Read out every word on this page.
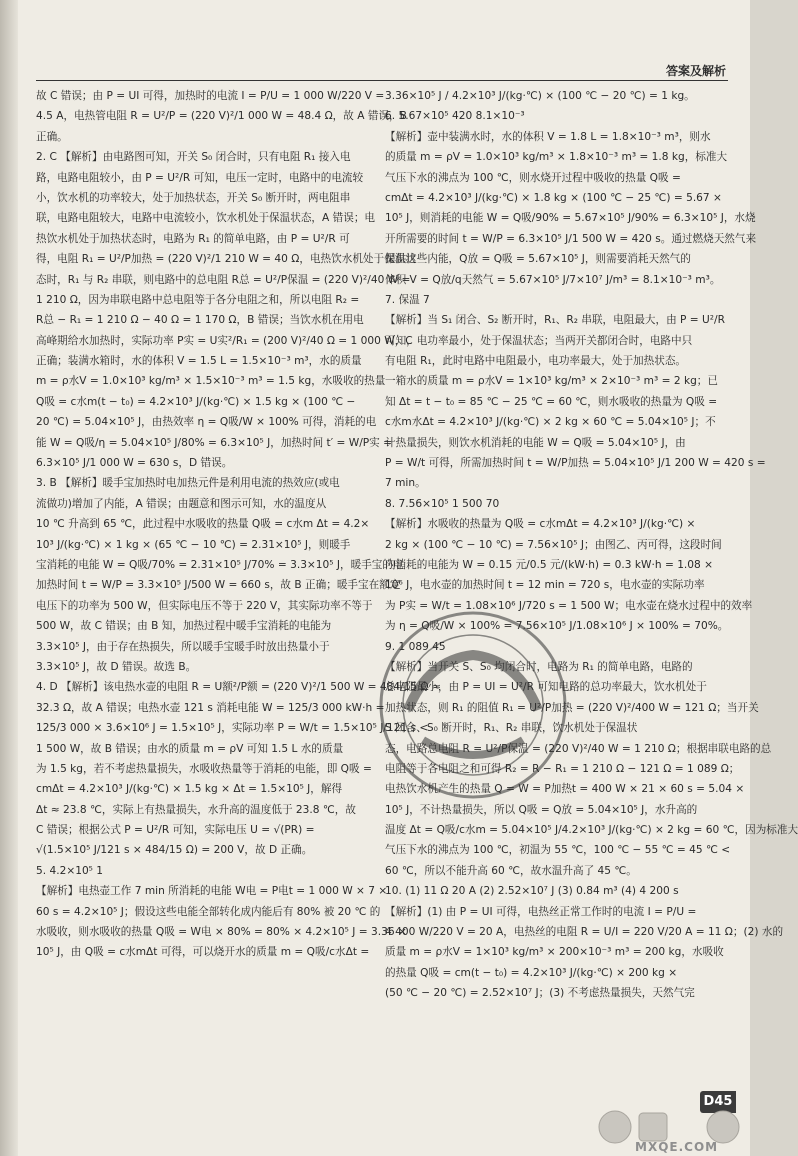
答案及解析
故 C 错误；由 P = UI 可得，加热时的电流 I = P/U = 1 000 W/220 V =
4.5 A，电热管电阻 R = U²/P = (220 V)²/1 000 W = 48.4 Ω，故 A 错误，B
正确。
2. C 【解析】由电路图可知，开关 S₀ 闭合时，只有电阻 R₁ 接入电
路，电路电阻较小，由 P = U²/R 可知，电压一定时，电路中的电流较
小，饮水机的功率较大，处于加热状态，开关 S₀ 断开时，两电阻串
联，电路电阻较大，电路中电流较小，饮水机处于保温状态，A 错误；电
热饮水机处于加热状态时，电路为 R₁ 的简单电路，由 P = U²/R 可
得，电阻 R₁ = U²/P加热 = (220 V)²/1 210 W = 40 Ω，电热饮水机处于保温状
态时，R₁ 与 R₂ 串联，则电路中的总电阻 R总 = U²/P保温 = (220 V)²/40 W =
1 210 Ω，因为串联电路中总电阻等于各分电阻之和，所以电阻 R₂ =
R总 − R₁ = 1 210 Ω − 40 Ω = 1 170 Ω，B 错误；当饮水机在用电
高峰期给水加热时，实际功率 P实 = U实²/R₁ = (200 V)²/40 Ω = 1 000 W，C
正确；装满水箱时，水的体积 V = 1.5 L = 1.5×10⁻³ m³，水的质量
m = ρ水V = 1.0×10³ kg/m³ × 1.5×10⁻³ m³ = 1.5 kg，水吸收的热量
Q吸 = c水m(t − t₀) = 4.2×10³ J/(kg·℃) × 1.5 kg × (100 ℃ −
20 ℃) = 5.04×10⁵ J，由热效率 η = Q吸/W × 100% 可得，消耗的电
能 W = Q吸/η = 5.04×10⁵ J/80% = 6.3×10⁵ J，加热时间 t′ = W/P实 =
6.3×10⁵ J/1 000 W = 630 s，D 错误。
3. B 【解析】暖手宝加热时电加热元件是利用电流的热效应(或电
流做功)增加了内能，A 错误；由题意和图示可知，水的温度从
10 ℃ 升高到 65 ℃，此过程中水吸收的热量 Q吸 = c水m Δt = 4.2×
10³ J/(kg·℃) × 1 kg × (65 ℃ − 10 ℃) = 2.31×10⁵ J，则暖手
宝消耗的电能 W = Q吸/70% = 2.31×10⁵ J/70% = 3.3×10⁵ J，暖手宝的电
加热时间 t = W/P = 3.3×10⁵ J/500 W = 660 s，故 B 正确；暖手宝在额定
电压下的功率为 500 W，但实际电压不等于 220 V，其实际功率不等于
500 W，故 C 错误；由 B 知，加热过程中暖手宝消耗的电能为
3.3×10⁵ J，由于存在热损失，所以暖手宝暖手时放出热量小于
3.3×10⁵ J，故 D 错误。故选 B。
4. D 【解析】该电热水壶的电阻 R = U额²/P额 = (220 V)²/1 500 W = 484/15 Ω ≈
32.3 Ω，故 A 错误；电热水壶 121 s 消耗电能 W = 125/3 000 kW·h =
125/3 000 × 3.6×10⁶ J = 1.5×10⁵ J，实际功率 P = W/t = 1.5×10⁵ J/121 s <
1 500 W，故 B 错误；由水的质量 m = ρV 可知 1.5 L 水的质量
为 1.5 kg，若不考虑热量损失，水吸收热量等于消耗的电能，即 Q吸 =
cmΔt = 4.2×10³ J/(kg·℃) × 1.5 kg × Δt = 1.5×10⁵ J，解得
Δt ≈ 23.8 ℃，实际上有热量损失，水升高的温度低于 23.8 ℃，故
C 错误；根据公式 P = U²/R 可知，实际电压 U = √(PR) =
√(1.5×10⁵ J/121 s × 484/15 Ω) = 200 V，故 D 正确。
5. 4.2×10⁵ 1
【解析】电热壶工作 7 min 所消耗的电能 W电 = P电t = 1 000 W × 7 ×
60 s = 4.2×10⁵ J；假设这些电能全部转化成内能后有 80% 被 20 ℃ 的
水吸收，则水吸收的热量 Q吸 = W电 × 80% = 80% × 4.2×10⁵ J = 3.36 ×
10⁵ J，由 Q吸 = c水mΔt 可得，可以烧开水的质量 m = Q吸/c水Δt =
3.36×10⁵ J / 4.2×10³ J/(kg·℃) × (100 ℃ − 20 ℃) = 1 kg。
6. 5.67×10⁵ 420 8.1×10⁻³
【解析】壶中装满水时，水的体积 V = 1.8 L = 1.8×10⁻³ m³，则水
的质量 m = ρV = 1.0×10³ kg/m³ × 1.8×10⁻³ m³ = 1.8 kg，标准大
气压下水的沸点为 100 ℃，则水烧开过程中吸收的热量 Q吸 =
cmΔt = 4.2×10³ J/(kg·℃) × 1.8 kg × (100 ℃ − 25 ℃) = 5.67 ×
10⁵ J，则消耗的电能 W = Q吸/90% = 5.67×10⁵ J/90% = 6.3×10⁵ J，水烧
开所需要的时间 t = W/P = 6.3×10⁵ J/1 500 W = 420 s。通过燃烧天然气来
提供这些内能，Q放 = Q吸 = 5.67×10⁵ J，则需要消耗天然气的
体积 V = Q放/q天然气 = 5.67×10⁵ J/7×10⁷ J/m³ = 8.1×10⁻³ m³。
7. 保温 7
【解析】当 S₁ 闭合、S₂ 断开时，R₁、R₂ 串联，电阻最大，由 P = U²/R
可知，电功率最小，处于保温状态；当两开关都闭合时，电路中只
有电阻 R₁，此时电路中电阻最小，电功率最大，处于加热状态。
一箱水的质量 m = ρ水V = 1×10³ kg/m³ × 2×10⁻³ m³ = 2 kg；已
知 Δt = t − t₀ = 85 ℃ − 25 ℃ = 60 ℃，则水吸收的热量为 Q吸 =
c水m水Δt = 4.2×10³ J/(kg·℃) × 2 kg × 60 ℃ = 5.04×10⁵ J；不
计热量损失，则饮水机消耗的电能 W = Q吸 = 5.04×10⁵ J，由
P = W/t 可得，所需加热时间 t = W/P加热 = 5.04×10⁵ J/1 200 W = 420 s =
7 min。
8. 7.56×10⁵ 1 500 70
【解析】水吸收的热量为 Q吸 = c水mΔt = 4.2×10³ J/(kg·℃) ×
2 kg × (100 ℃ − 10 ℃) = 7.56×10⁵ J；由图乙、丙可得，这段时间
内消耗的电能为 W = 0.15 元/0.5 元/(kW·h) = 0.3 kW·h = 1.08 ×
10⁶ J，电水壶的加热时间 t = 12 min = 720 s，电水壶的实际功率
为 P实 = W/t = 1.08×10⁶ J/720 s = 1 500 W；电水壶在烧水过程中的效率
为 η = Q吸/W × 100% = 7.56×10⁵ J/1.08×10⁶ J × 100% = 70%。
9. 1 089 45
【解析】当开关 S、S₀ 均闭合时，电路为 R₁ 的简单电路，电路的
总电阻最小，由 P = UI = U²/R 可知电路的总功率最大，饮水机处于
加热状态，则 R₁ 的阻值 R₁ = U²/P加热 = (220 V)²/400 W = 121 Ω；当开关
S 闭合、S₀ 断开时，R₁、R₂ 串联，饮水机处于保温状
态，电路总电阻 R = U²/P保温 = (220 V)²/40 W = 1 210 Ω；根据串联电路的总
电阻等于各电阻之和可得 R₂ = R − R₁ = 1 210 Ω − 121 Ω = 1 089 Ω；
电热饮水机产生的热量 Q = W = P加热t = 400 W × 21 × 60 s = 5.04 ×
10⁵ J，不计热量损失，所以 Q吸 = Q放 = 5.04×10⁵ J，水升高的
温度 Δt = Q吸/c水m = 5.04×10⁵ J/4.2×10³ J/(kg·℃) × 2 kg = 60 ℃，因为标准大
气压下水的沸点为 100 ℃，初温为 55 ℃，100 ℃ − 55 ℃ = 45 ℃ <
60 ℃，所以不能升高 60 ℃，故水温升高了 45 ℃。
10. (1) 11 Ω 20 A (2) 2.52×10⁷ J (3) 0.84 m³ (4) 4 200 s
【解析】(1) 由 P = UI 可得，电热丝正常工作时的电流 I = P/U =
4 400 W/220 V = 20 A，电热丝的电阻 R = U/I = 220 V/20 A = 11 Ω；(2) 水的
质量 m = ρ水V = 1×10³ kg/m³ × 200×10⁻³ m³ = 200 kg，水吸收
的热量 Q吸 = cm(t − t₀) = 4.2×10³ J/(kg·℃) × 200 kg ×
(50 ℃ − 20 ℃) = 2.52×10⁷ J；(3) 不考虑热量损失，天然气完
D45
MXQE.COM
